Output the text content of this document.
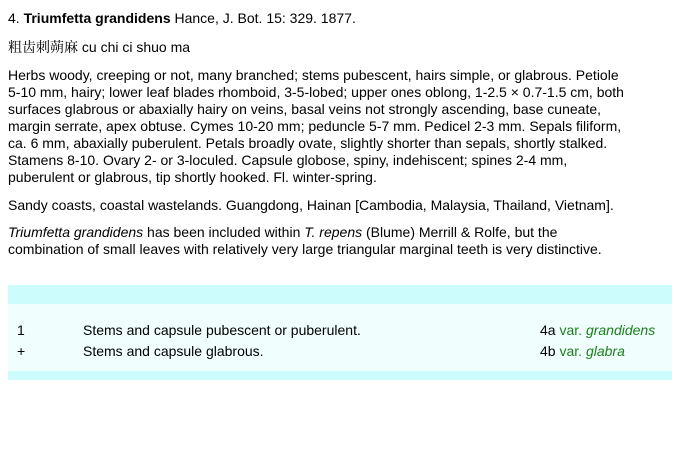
4. Triumfetta grandidens Hance, J. Bot. 15: 329. 1877.

粗齿刺蒴麻 cu chi ci shuo ma

Herbs woody, creeping or not, many branched; stems pubescent, hairs simple, or glabrous. Petiole

5-10 mm, hairy; lower leaf blades rhomboid, 3-5-lobed; upper ones oblong, 1-2.5 × 0.7-1.5 cm, both

surfaces glabrous or abaxially hairy on veins, basal veins not strongly ascending, base cuneate,

margin serrate, apex obtuse. Cymes 10-20 mm; peduncle 5-7 mm. Pedicel 2-3 mm. Sepals filiform,

ca. 6 mm, abaxially puberulent. Petals broadly ovate, slightly shorter than sepals, shortly stalked.

Stamens 8-10. Ovary 2- or 3-loculed. Capsule globose, spiny, indehiscent; spines 2-4 mm,

puberulent or glabrous, tip shortly hooked. Fl. winter-spring.

Sandy coasts, coastal wastelands. Guangdong, Hainan [Cambodia, Malaysia, Thailand, Vietnam].

Triumfetta grandidens has been included within T. repens (Blume) Merrill & Rolfe, but the

combination of small leaves with relatively very large triangular marginal teeth is very distinctive.

1	Stems and capsule pubescent or puberulent.	4a var. grandidens
+	Stems and capsule glabrous.	4b var. glabra
